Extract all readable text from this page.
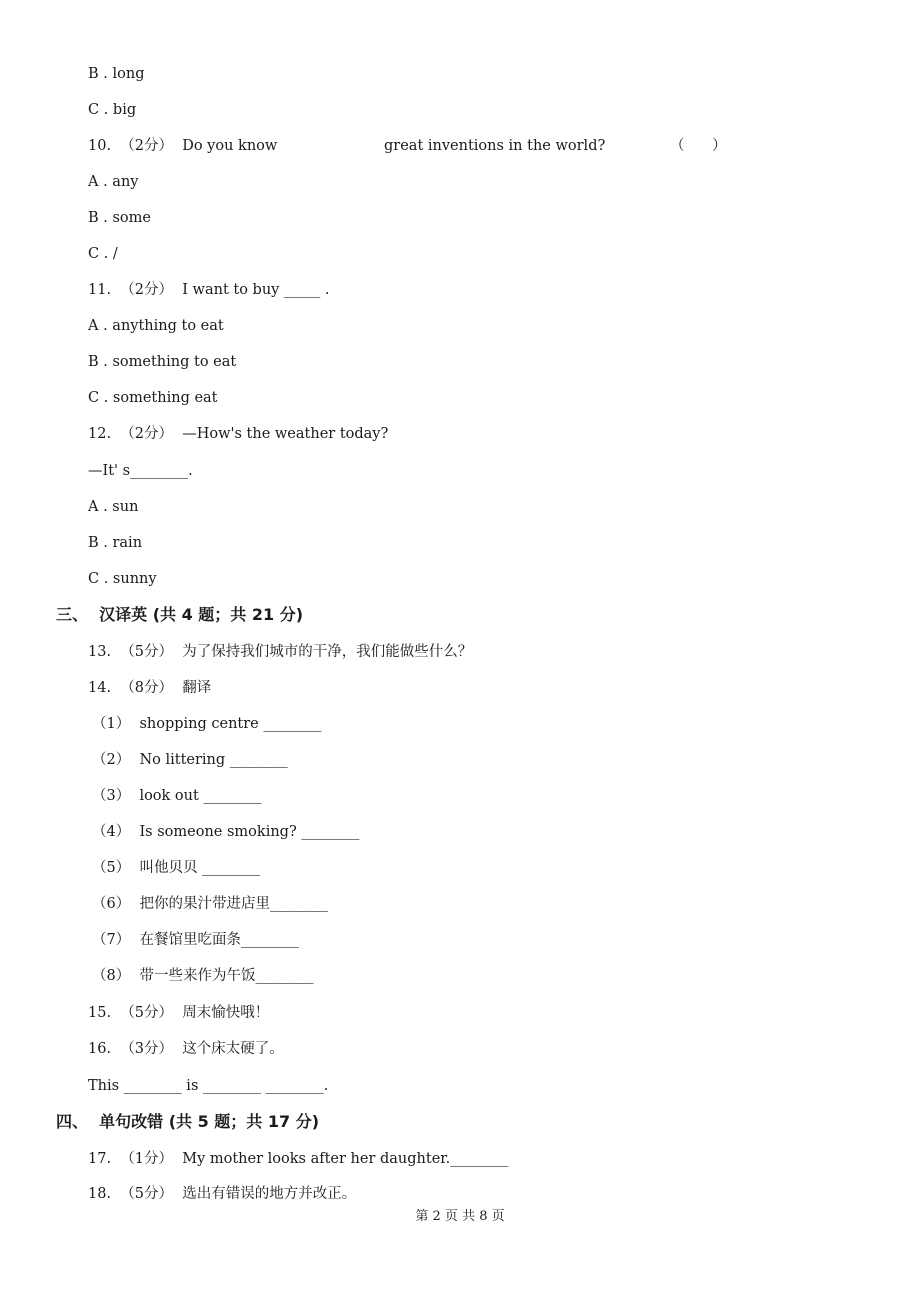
B . long
C . big
10.  （2分）  Do you know	great inventions in the world?	（      ）
A . any
B . some
C . /
11.  （2分）  I want to buy _____ .
A . anything to eat
B . something to eat
C . something eat
12.  （2分）  —How's the weather today?
—It' s________.
A . sun
B . rain
C . sunny
三、  汉译英 (共 4 题；共 21 分)
13.  （5分）  为了保持我们城市的干净，我们能做些什么？
14.  （8分）  翻译
（1）  shopping centre ________
（2）  No littering ________
（3）  look out ________
（4）  Is someone smoking? ________
（5）  叫他贝贝 ________
（6）  把你的果汁带进店里________
（7）  在餐馆里吃面条________
（8）  带一些来作为午饭________
15.  （5分）  周末愉快哦！
16.  （3分）  这个床太硬了。
This ________ is ________ ________.
四、  单句改错 (共 5 题；共 17 分)
17.  （1分）  My mother looks after her daughter.________
18.  （5分）  选出有错误的地方并改正。
第 2 页 共 8 页
